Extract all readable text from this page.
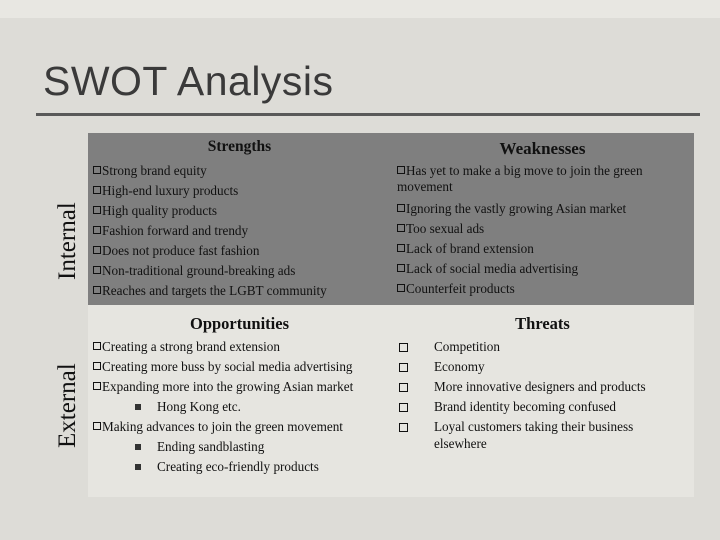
SWOT Analysis
Internal
External
Strengths
Strong brand equity
High-end luxury products
High quality products
Fashion forward and trendy
Does not produce fast fashion
Non-traditional ground-breaking ads
Reaches and targets the LGBT community
Weaknesses
Has yet to make a big move to join the green movement
Ignoring the vastly growing Asian market
Too sexual ads
Lack of brand extension
Lack of social media advertising
Counterfeit products
Opportunities
Creating a strong brand extension
Creating more buss by social media advertising
Expanding more into the growing Asian market
Hong Kong etc.
Making advances to join the green movement
Ending sandblasting
Creating eco-friendly products
Threats
Competition
Economy
More innovative designers and products
Brand identity becoming confused
Loyal customers taking their business elsewhere
